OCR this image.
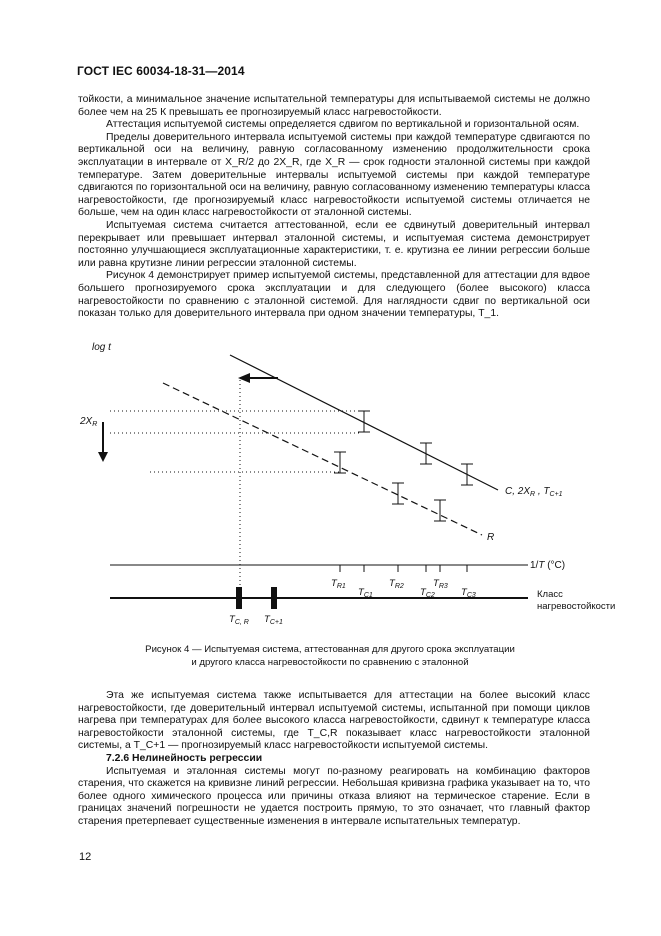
ГОСТ IEC 60034-18-31—2014

тойкости, а минимальное значение испытательной температуры для испытываемой системы не должно более чем на 25 К превышать ее прогнозируемый класс нагревостойкости.

Аттестация испытуемой системы определяется сдвигом по вертикальной и горизонтальной осям.

Пределы доверительного интервала испытуемой системы при каждой температуре сдвигаются по вертикальной оси на величину, равную согласованному изменению продолжительности срока эксплуатации в интервале от X_R/2 до 2X_R, где X_R — срок годности эталонной системы при каждой температуре. Затем доверительные интервалы испытуемой системы при каждой температуре сдвигаются по горизонтальной оси на величину, равную согласованному изменению температуры класса нагревостойкости, где прогнозируемый класс нагревостойкости испытуемой системы отличается не больше, чем на один класс нагревостойкости от эталонной системы.

Испытуемая система считается аттестованной, если ее сдвинутый доверительный интервал перекрывает или превышает интервал эталонной системы, и испытуемая система демонстрирует постоянно улучшающиеся эксплуатационные характеристики, т. е. крутизна ее линии регрессии больше или равна крутизне линии регрессии эталонной системы.

Рисунок 4 демонстрирует пример испытуемой системы, представленной для аттестации для вдвое большего прогнозируемого срока эксплуатации и для следующего (более высокого) класса нагревостойкости по сравнению с эталонной системой. Для наглядности сдвиг по вертикальной оси показан только для доверительного интервала при одном значении температуры, T_1.

log t
$2X_R$
C, $2X_R$ , $T_{C+1}$
R
1/T (°C)
$T_{R1}$
$T_{C1}$
$T_{R2}$
$T_{C2}$
$T_{R3}$
$T_{C3}$	Класс
нагревостойкости
$T_{C, R}$ $T_{C+1}$
Рисунок 4 — Испытуемая система, аттестованная для другого срока эксплуатации
и другого класса нагревостойкости по сравнению с эталонной

Эта же испытуемая система также испытывается для аттестации на более высокий класс нагревостойкости, где доверительный интервал испытуемой системы, испытанной при помощи циклов нагрева при температурах для более высокого класса нагревостойкости, сдвинут к температуре класса нагревостойкости эталонной системы, где T_C,R показывает класс нагревостойкости эталонной системы, а T_C+1 — прогнозируемый класс нагревостойкости испытуемой системы.

7.2.6 Нелинейность регрессии

Испытуемая и эталонная системы могут по-разному реагировать на комбинацию факторов старения, что скажется на кривизне линий регрессии. Небольшая кривизна графика указывает на то, что более одного химического процесса или причины отказа влияют на термическое старение. Если в границах значений погрешности не удается построить прямую, то это означает, что главный фактор старения претерпевает существенные изменения в интервале испытательных температур.

12
